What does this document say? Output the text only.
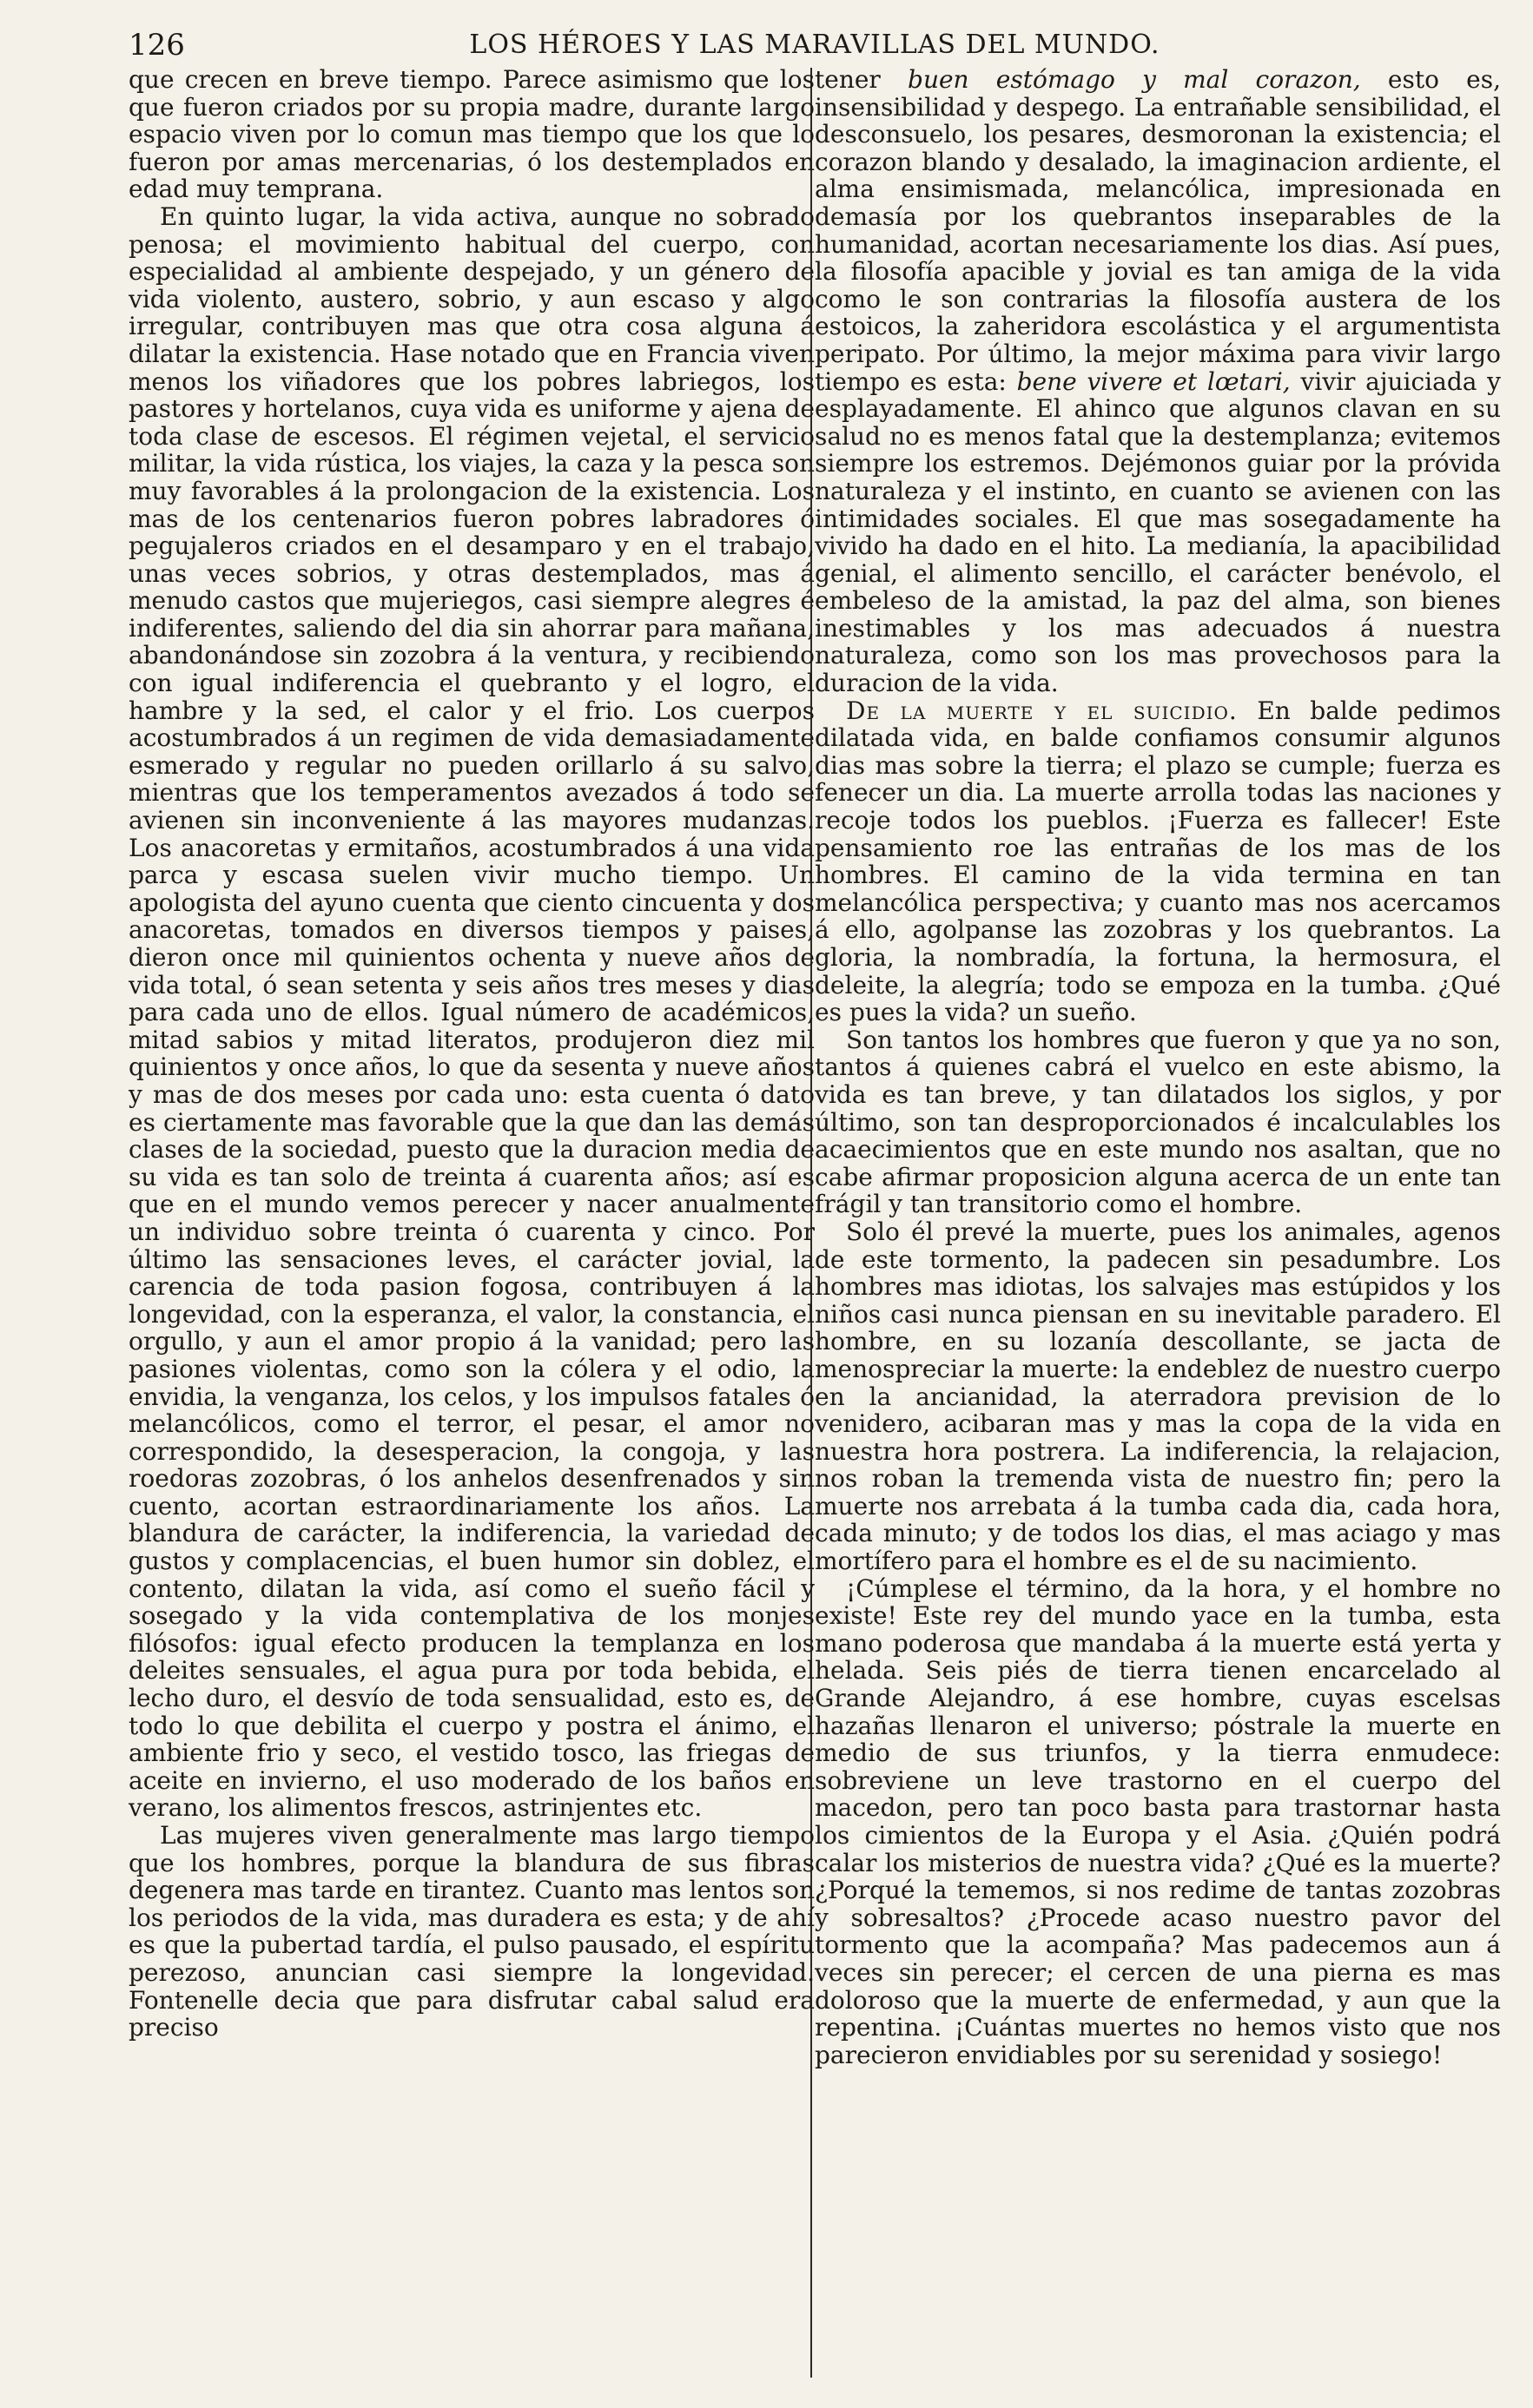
126	LOS HÉROES Y LAS MARAVILLAS DEL MUNDO.

que crecen en breve tiempo. Parece asimismo que los que fueron criados por su propia madre, durante largo espacio viven por lo comun mas tiempo que los que lo fueron por amas mercenarias, ó los destemplados en edad muy temprana.

En quinto lugar, la vida activa, aunque no sobrado penosa; el movimiento habitual del cuerpo, con especialidad al ambiente despejado, y un género de vida violento, austero, sobrio, y aun escaso y algo irregular, contribuyen mas que otra cosa alguna á dilatar la existencia. Hase notado que en Francia viven menos los viñadores que los pobres labriegos, los pastores y hortelanos, cuya vida es uniforme y ajena de toda clase de escesos. El régimen vejetal, el servicio militar, la vida rústica, los viajes, la caza y la pesca son muy favorables á la prolongacion de la existencia. Los mas de los centenarios fueron pobres labradores ó pegujaleros criados en el desamparo y en el trabajo, unas veces sobrios, y otras destemplados, mas á menudo castos que mujeriegos, casi siempre alegres é indiferentes, saliendo del dia sin ahorrar para mañana, abandonándose sin zozobra á la ventura, y recibiendo con igual indiferencia el quebranto y el logro, el hambre y la sed, el calor y el frio. Los cuerpos acostumbrados á un regimen de vida demasiadamente esmerado y regular no pueden orillarlo á su salvo, mientras que los temperamentos avezados á todo se avienen sin inconveniente á las mayores mudanzas. Los anacoretas y ermitaños, acostumbrados á una vida parca y escasa suelen vivir mucho tiempo. Un apologista del ayuno cuenta que ciento cincuenta y dos anacoretas, tomados en diversos tiempos y paises, dieron once mil quinientos ochenta y nueve años de vida total, ó sean setenta y seis años tres meses y dias para cada uno de ellos. Igual número de académicos, mitad sabios y mitad literatos, produjeron diez mil quinientos y once años, lo que da sesenta y nueve años y mas de dos meses por cada uno: esta cuenta ó dato es ciertamente mas favorable que la que dan las demás clases de la sociedad, puesto que la duracion media de su vida es tan solo de treinta á cuarenta años; así es que en el mundo vemos perecer y nacer anualmente un individuo sobre treinta ó cuarenta y cinco. Por último las sensaciones leves, el carácter jovial, la carencia de toda pasion fogosa, contribuyen á la longevidad, con la esperanza, el valor, la constancia, el orgullo, y aun el amor propio á la vanidad; pero las pasiones violentas, como son la cólera y el odio, la envidia, la venganza, los celos, y los impulsos fatales ó melancólicos, como el terror, el pesar, el amor no correspondido, la desesperacion, la congoja, y las roedoras zozobras, ó los anhelos desenfrenados y sin cuento, acortan estraordinariamente los años. La blandura de carácter, la indiferencia, la variedad de gustos y complacencias, el buen humor sin doblez, el contento, dilatan la vida, así como el sueño fácil y sosegado y la vida contemplativa de los monjes filósofos: igual efecto producen la templanza en los deleites sensuales, el agua pura por toda bebida, el lecho duro, el desvío de toda sensualidad, esto es, de todo lo que debilita el cuerpo y postra el ánimo, el ambiente frio y seco, el vestido tosco, las friegas de aceite en invierno, el uso moderado de los baños en verano, los alimentos frescos, astrinjentes etc.

Las mujeres viven generalmente mas largo tiempo que los hombres, porque la blandura de sus fibras degenera mas tarde en tirantez. Cuanto mas lentos son los periodos de la vida, mas duradera es esta; y de ahí es que la pubertad tardía, el pulso pausado, el espíritu perezoso, anuncian casi siempre la longevidad. Fontenelle decia que para disfrutar cabal salud era preciso

tener buen estómago y mal corazon, esto es, insensibilidad y despego. La entrañable sensibilidad, el desconsuelo, los pesares, desmoronan la existencia; el corazon blando y desalado, la imaginacion ardiente, el alma ensimismada, melancólica, impresionada en demasía por los quebrantos inseparables de la humanidad, acortan necesariamente los dias. Así pues, la filosofía apacible y jovial es tan amiga de la vida como le son contrarias la filosofía austera de los estoicos, la zaheridora escolástica y el argumentista peripato. Por último, la mejor máxima para vivir largo tiempo es esta: bene vivere et lœtari, vivir ajuiciada y esplayadamente. El ahinco que algunos clavan en su salud no es menos fatal que la destemplanza; evitemos siempre los estremos. Dejémonos guiar por la próvida naturaleza y el instinto, en cuanto se avienen con las intimidades sociales. El que mas sosegadamente ha vivido ha dado en el hito. La medianía, la apacibilidad genial, el alimento sencillo, el carácter benévolo, el embeleso de la amistad, la paz del alma, son bienes inestimables y los mas adecuados á nuestra naturaleza, como son los mas provechosos para la duracion de la vida.

De la muerte y el suicidio. En balde pedimos dilatada vida, en balde confiamos consumir algunos dias mas sobre la tierra; el plazo se cumple; fuerza es fenecer un dia. La muerte arrolla todas las naciones y recoje todos los pueblos. ¡Fuerza es fallecer! Este pensamiento roe las entrañas de los mas de los hombres. El camino de la vida termina en tan melancólica perspectiva; y cuanto mas nos acercamos á ello, agolpanse las zozobras y los quebrantos. La gloria, la nombradía, la fortuna, la hermosura, el deleite, la alegría; todo se empoza en la tumba. ¿Qué es pues la vida? un sueño.

Son tantos los hombres que fueron y que ya no son, tantos á quienes cabrá el vuelco en este abismo, la vida es tan breve, y tan dilatados los siglos, y por último, son tan desproporcionados é incalculables los acaecimientos que en este mundo nos asaltan, que no cabe afirmar proposicion alguna acerca de un ente tan frágil y tan transitorio como el hombre.

Solo él prevé la muerte, pues los animales, agenos de este tormento, la padecen sin pesadumbre. Los hombres mas idiotas, los salvajes mas estúpidos y los niños casi nunca piensan en su inevitable paradero. El hombre, en su lozanía descollante, se jacta de menospreciar la muerte: la endeblez de nuestro cuerpo en la ancianidad, la aterradora prevision de lo venidero, acibaran mas y mas la copa de la vida en nuestra hora postrera. La indiferencia, la relajacion, nos roban la tremenda vista de nuestro fin; pero la muerte nos arrebata á la tumba cada dia, cada hora, cada minuto; y de todos los dias, el mas aciago y mas mortífero para el hombre es el de su nacimiento.

¡Cúmplese el término, da la hora, y el hombre no existe! Este rey del mundo yace en la tumba, esta mano poderosa que mandaba á la muerte está yerta y helada. Seis piés de tierra tienen encarcelado al Grande Alejandro, á ese hombre, cuyas escelsas hazañas llenaron el universo; póstrale la muerte en medio de sus triunfos, y la tierra enmudece: sobreviene un leve trastorno en el cuerpo del macedon, pero tan poco basta para trastornar hasta los cimientos de la Europa y el Asia. ¿Quién podrá calar los misterios de nuestra vida? ¿Qué es la muerte? ¿Porqué la tememos, si nos redime de tantas zozobras y sobresaltos? ¿Procede acaso nuestro pavor del tormento que la acompaña? Mas padecemos aun á veces sin perecer; el cercen de una pierna es mas doloroso que la muerte de enfermedad, y aun que la repentina. ¡Cuántas muertes no hemos visto que nos parecieron envidiables por su serenidad y sosiego!
